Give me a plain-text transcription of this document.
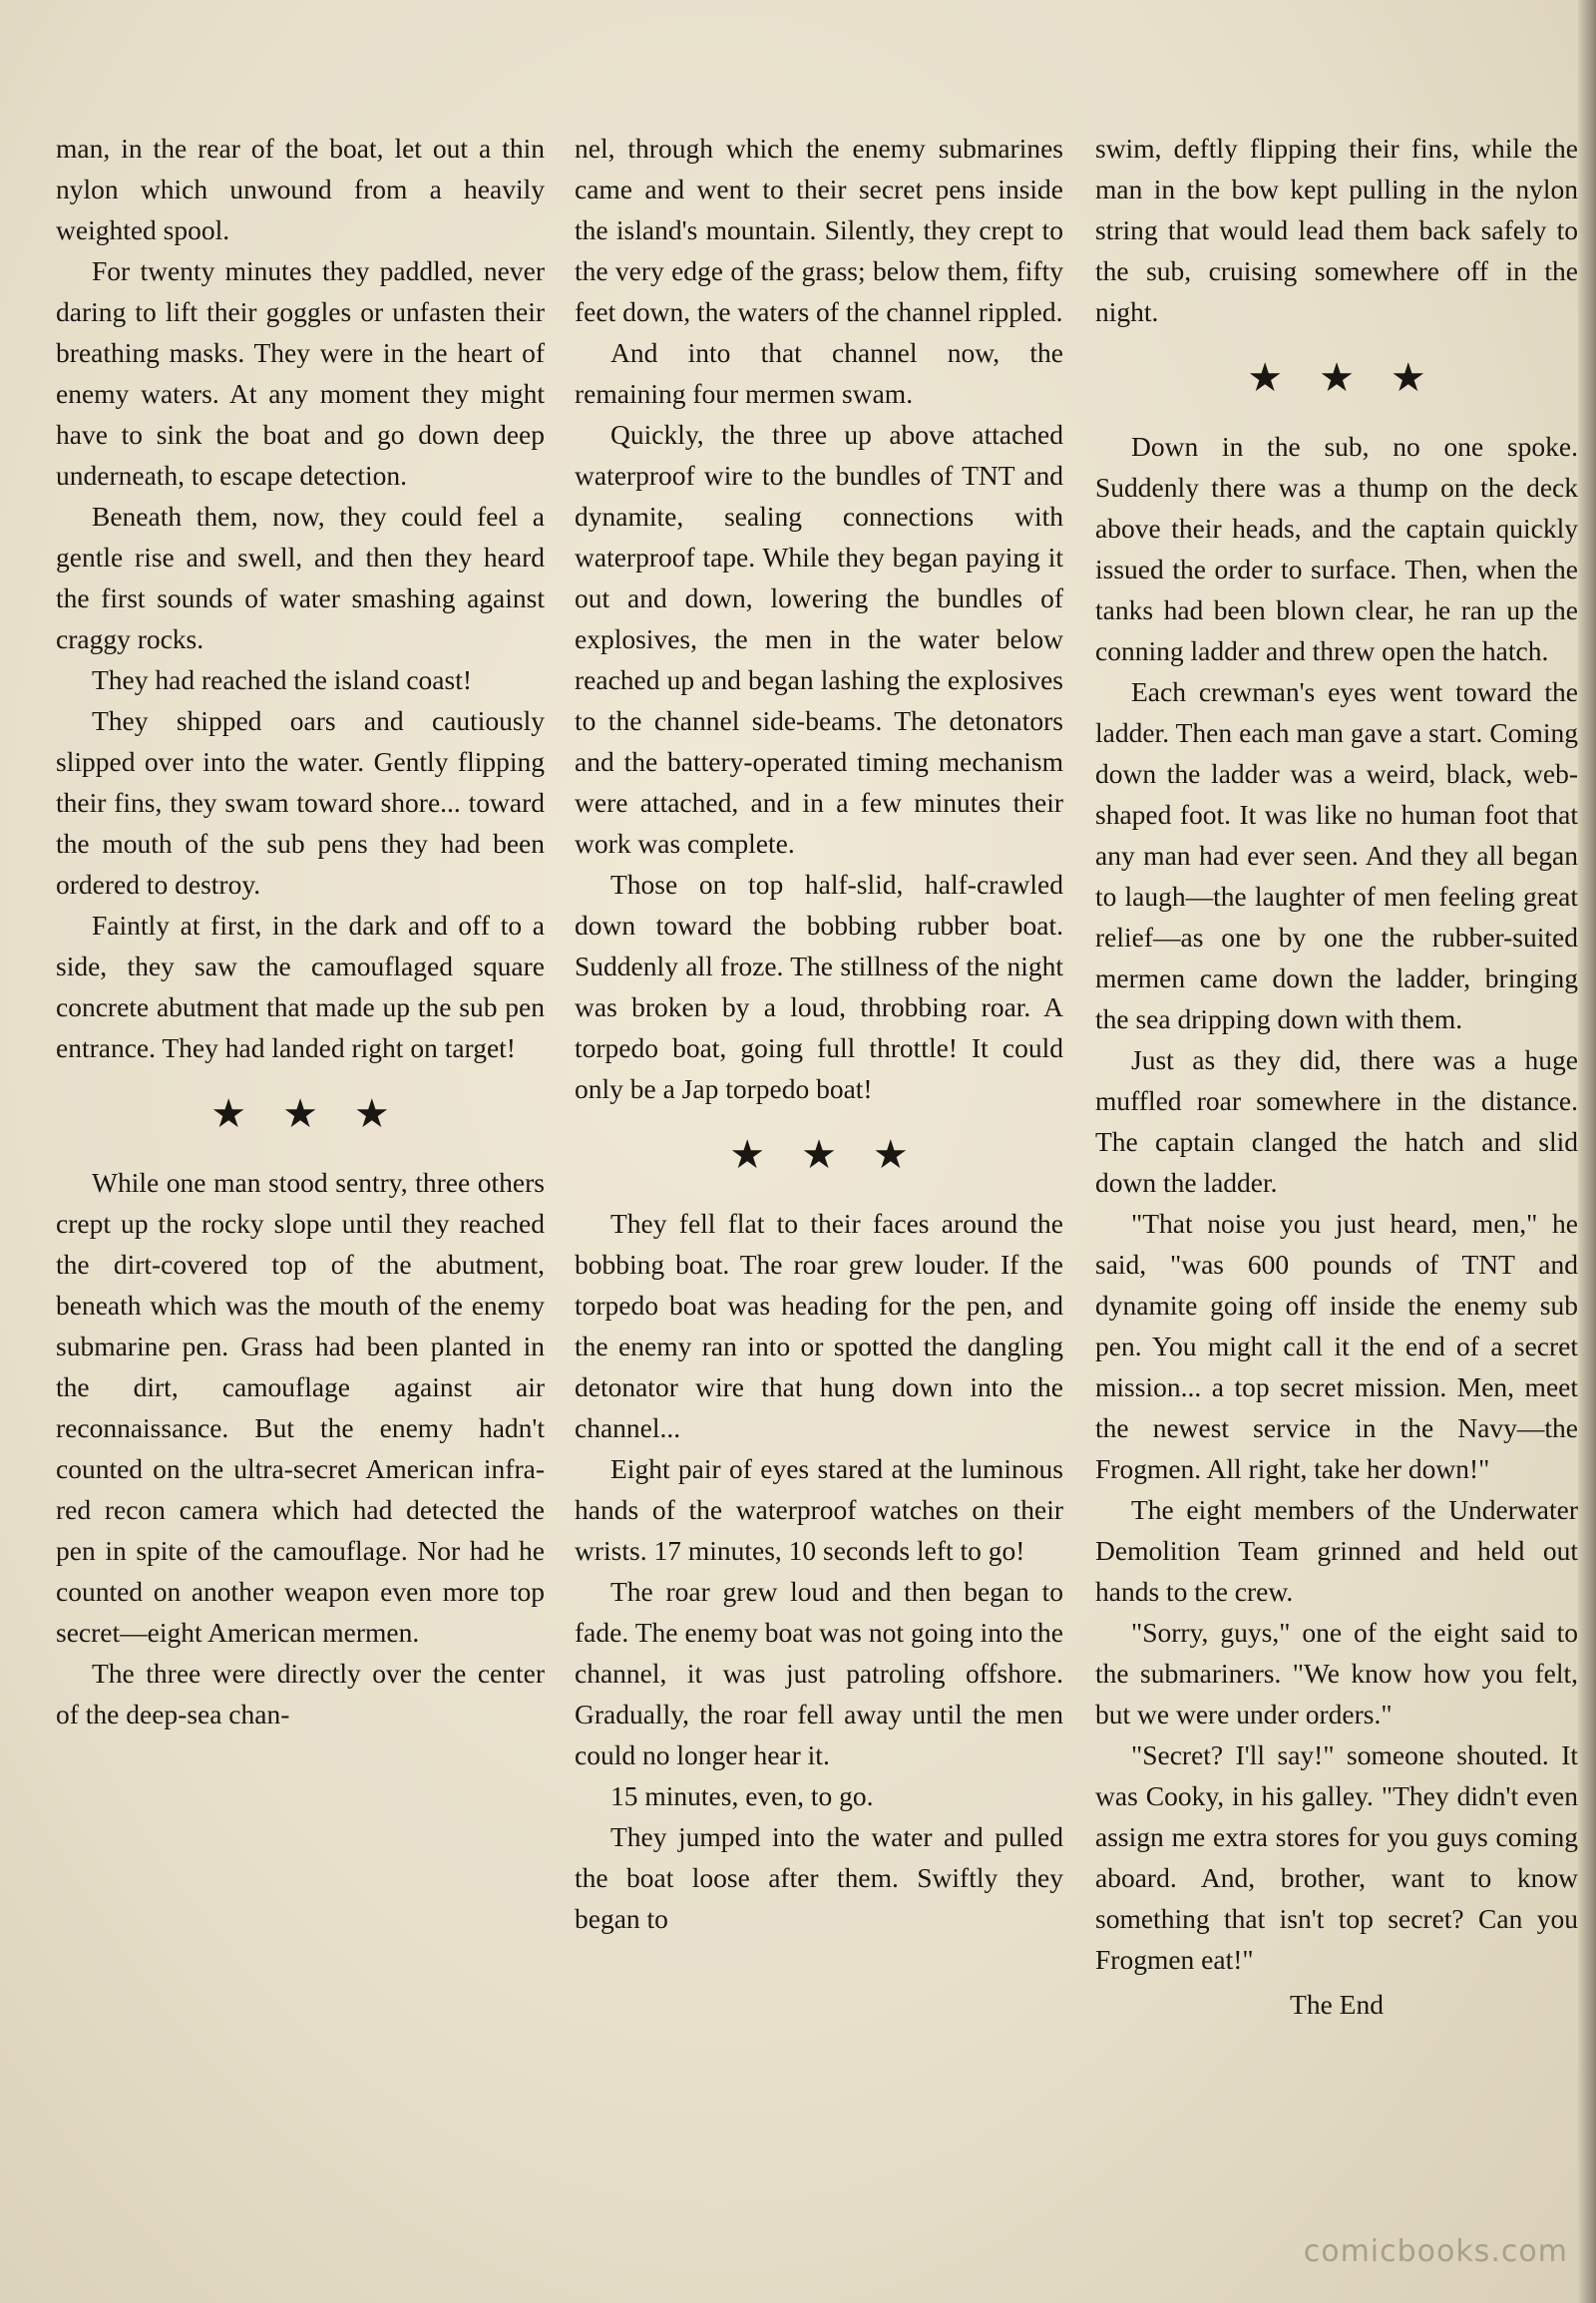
man, in the rear of the boat, let out a thin nylon which unwound from a heavily weighted spool.

For twenty minutes they paddled, never daring to lift their goggles or unfasten their breathing masks. They were in the heart of enemy waters. At any moment they might have to sink the boat and go down deep underneath, to escape detection.

Beneath them, now, they could feel a gentle rise and swell, and then they heard the first sounds of water smashing against craggy rocks.

They had reached the island coast!

They shipped oars and cautiously slipped over into the water. Gently flipping their fins, they swam toward shore... toward the mouth of the sub pens they had been ordered to destroy.

Faintly at first, in the dark and off to a side, they saw the camouflaged square concrete abutment that made up the sub pen entrance. They had landed right on target!

★★★

While one man stood sentry, three others crept up the rocky slope until they reached the dirt-covered top of the abutment, beneath which was the mouth of the enemy submarine pen. Grass had been planted in the dirt, camouflage against air reconnaissance. But the enemy hadn't counted on the ultra-secret American infra-red recon camera which had detected the pen in spite of the camouflage. Nor had he counted on another weapon even more top secret—eight American mermen.

The three were directly over the center of the deep-sea chan-

nel, through which the enemy submarines came and went to their secret pens inside the island's mountain. Silently, they crept to the very edge of the grass; below them, fifty feet down, the waters of the channel rippled.

And into that channel now, the remaining four mermen swam.

Quickly, the three up above attached waterproof wire to the bundles of TNT and dynamite, sealing connections with waterproof tape. While they began paying it out and down, lowering the bundles of explosives, the men in the water below reached up and began lashing the explosives to the channel side-beams. The detonators and the battery-operated timing mechanism were attached, and in a few minutes their work was complete.

Those on top half-slid, half-crawled down toward the bobbing rubber boat. Suddenly all froze. The stillness of the night was broken by a loud, throbbing roar. A torpedo boat, going full throttle! It could only be a Jap torpedo boat!

★★★

They fell flat to their faces around the bobbing boat. The roar grew louder. If the torpedo boat was heading for the pen, and the enemy ran into or spotted the dangling detonator wire that hung down into the channel...

Eight pair of eyes stared at the luminous hands of the waterproof watches on their wrists. 17 minutes, 10 seconds left to go!

The roar grew loud and then began to fade. The enemy boat was not going into the channel, it was just patroling offshore. Gradually, the roar fell away until the men could no longer hear it.

15 minutes, even, to go.

They jumped into the water and pulled the boat loose after them. Swiftly they began to

swim, deftly flipping their fins, while the man in the bow kept pulling in the nylon string that would lead them back safely to the sub, cruising somewhere off in the night.

★★★

Down in the sub, no one spoke. Suddenly there was a thump on the deck above their heads, and the captain quickly issued the order to surface. Then, when the tanks had been blown clear, he ran up the conning ladder and threw open the hatch.

Each crewman's eyes went toward the ladder. Then each man gave a start. Coming down the ladder was a weird, black, web-shaped foot. It was like no human foot that any man had ever seen. And they all began to laugh—the laughter of men feeling great relief—as one by one the rubber-suited mermen came down the ladder, bringing the sea dripping down with them.

Just as they did, there was a huge muffled roar somewhere in the distance. The captain clanged the hatch and slid down the ladder.

"That noise you just heard, men," he said, "was 600 pounds of TNT and dynamite going off inside the enemy sub pen. You might call it the end of a secret mission... a top secret mission. Men, meet the newest service in the Navy—the Frogmen. All right, take her down!"

The eight members of the Underwater Demolition Team grinned and held out hands to the crew.

"Sorry, guys," one of the eight said to the submariners. "We know how you felt, but we were under orders."

"Secret? I'll say!" someone shouted. It was Cooky, in his galley. "They didn't even assign me extra stores for you guys coming aboard. And, brother, want to know something that isn't top secret? Can you Frogmen eat!"

The End
comicbooks.com
